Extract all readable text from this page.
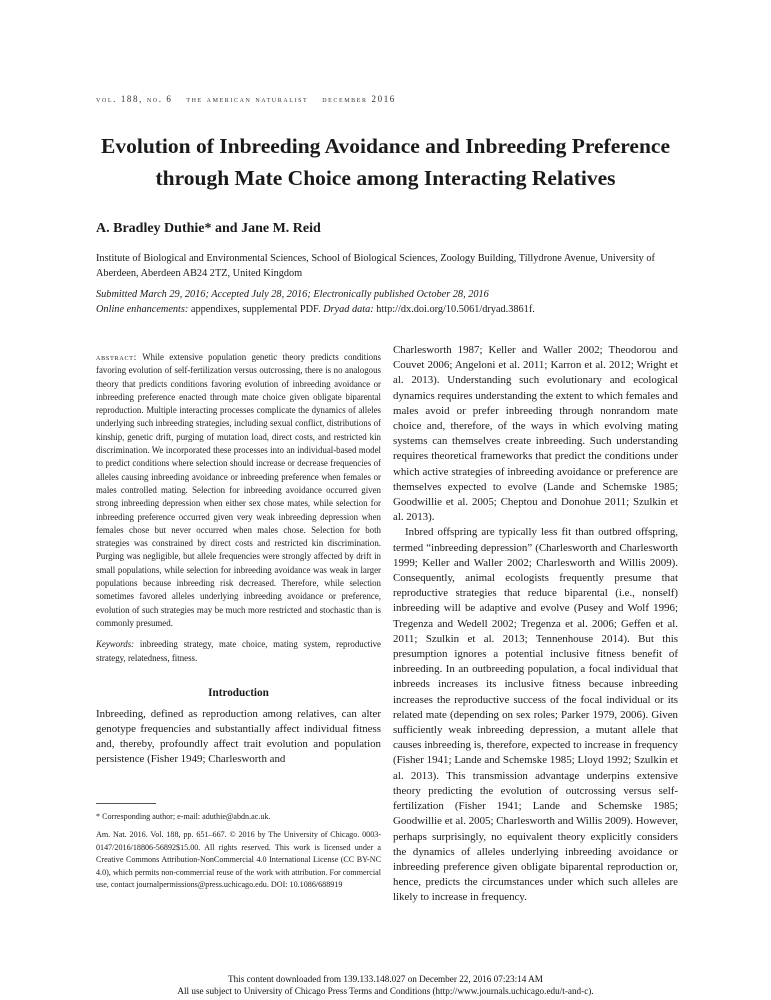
vol. 188, no. 6 the american naturalist december 2016
Evolution of Inbreeding Avoidance and Inbreeding Preference
through Mate Choice among Interacting Relatives
A. Bradley Duthie* and Jane M. Reid
Institute of Biological and Environmental Sciences, School of Biological Sciences, Zoology Building, Tillydrone Avenue, University of Aberdeen, Aberdeen AB24 2TZ, United Kingdom
Submitted March 29, 2016; Accepted July 28, 2016; Electronically published October 28, 2016
Online enhancements: appendixes, supplemental PDF. Dryad data: http://dx.doi.org/10.5061/dryad.3861f.

abstract: While extensive population genetic theory predicts conditions favoring evolution of self-fertilization versus outcrossing, there is no analogous theory that predicts conditions favoring evolution of inbreeding avoidance or inbreeding preference enacted through mate choice given obligate biparental reproduction. Multiple interacting processes complicate the dynamics of alleles underlying such inbreeding strategies, including sexual conflict, distributions of kinship, genetic drift, purging of mutation load, direct costs, and restricted kin discrimination. We incorporated these processes into an individual-based model to predict conditions where selection should increase or decrease frequencies of alleles causing inbreeding avoidance or inbreeding preference when females or males controlled mating. Selection for inbreeding avoidance occurred given strong inbreeding depression when either sex chose mates, while selection for inbreeding preference occurred given very weak inbreeding depression when females chose but never occurred when males chose. Selection for both strategies was constrained by direct costs and restricted kin discrimination. Purging was negligible, but allele frequencies were strongly affected by drift in small populations, while selection for inbreeding avoidance was weak in larger populations because inbreeding risk decreased. Therefore, while selection sometimes favored alleles underlying inbreeding avoidance or preference, evolution of such strategies may be much more restricted and stochastic than is commonly presumed.

Keywords: inbreeding strategy, mate choice, mating system, reproductive strategy, relatedness, fitness.

Introduction

Inbreeding, defined as reproduction among relatives, can alter genotype frequencies and substantially affect individual fitness and, thereby, profoundly affect trait evolution and population persistence (Fisher 1949; Charlesworth and

Charlesworth 1987; Keller and Waller 2002; Theodorou and Couvet 2006; Angeloni et al. 2011; Karron et al. 2012; Wright et al. 2013). Understanding such evolutionary and ecological dynamics requires understanding the extent to which females and males avoid or prefer inbreeding through nonrandom mate choice and, therefore, of the ways in which evolving mating systems can themselves create inbreeding. Such understanding requires theoretical frameworks that predict the conditions under which active strategies of inbreeding avoidance or preference are themselves expected to evolve (Lande and Schemske 1985; Goodwillie et al. 2005; Cheptou and Donohue 2011; Szulkin et al. 2013).

Inbred offspring are typically less fit than outbred offspring, termed “inbreeding depression” (Charlesworth and Charlesworth 1999; Keller and Waller 2002; Charlesworth and Willis 2009). Consequently, animal ecologists frequently presume that reproductive strategies that reduce biparental (i.e., nonself) inbreeding will be adaptive and evolve (Pusey and Wolf 1996; Tregenza and Wedell 2002; Tregenza et al. 2006; Geffen et al. 2011; Szulkin et al. 2013; Tennenhouse 2014). But this presumption ignores a potential inclusive fitness benefit of inbreeding. In an outbreeding population, a focal individual that inbreeds increases its inclusive fitness because inbreeding increases the reproductive success of the focal individual or its related mate (depending on sex roles; Parker 1979, 2006). Given sufficiently weak inbreeding depression, a mutant allele that causes inbreeding is, therefore, expected to increase in frequency (Fisher 1941; Lande and Schemske 1985; Lloyd 1992; Szulkin et al. 2013). This transmission advantage underpins extensive theory predicting the evolution of outcrossing versus self-fertilization (Fisher 1941; Lande and Schemske 1985; Goodwillie et al. 2005; Charlesworth and Willis 2009). However, perhaps surprisingly, no equivalent theory explicitly considers the dynamics of alleles underlying inbreeding avoidance or inbreeding preference given obligate biparental reproduction or, hence, predicts the circumstances under which such alleles are likely to increase in frequency.

* Corresponding author; e-mail: aduthie@abdn.ac.uk.

Am. Nat. 2016. Vol. 188, pp. 651–667. © 2016 by The University of Chicago. 0003-0147/2016/18806-56892$15.00. All rights reserved. This work is licensed under a Creative Commons Attribution-NonCommercial 4.0 International License (CC BY-NC 4.0), which permits non-commercial reuse of the work with attribution. For commercial use, contact journalpermissions@press.uchicago.edu. DOI: 10.1086/688919

This content downloaded from 139.133.148.027 on December 22, 2016 07:23:14 AM
All use subject to University of Chicago Press Terms and Conditions (http://www.journals.uchicago.edu/t-and-c).
